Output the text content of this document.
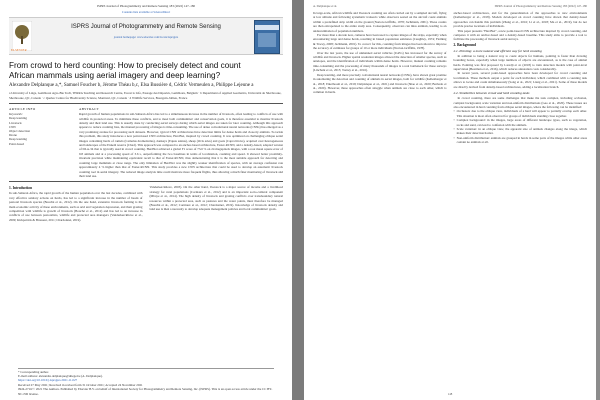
ISPRS Journal of Photogrammetry and Remote Sensing 183 (2022) 147–180
Contents lists available at ScienceDirect
ELSEVIER
ISPRS Journal of Photogrammetry and Remote Sensing
journal homepage: www.elsevier.com/locate/isprsjprs
From crowd to herd counting: How to precisely detect and count African mammals using aerial imagery and deep learning?
Alexandre Delplanque a,*, Samuel Foucher b, Jérome Théau b,c, Elsa Bussière d, Cédric Vermeulen a, Philippe Lejeune a
a University of Liège, Gembloux Agro-Bio Tech, TERRA Teaching and Research Centre, Forest is Life, Passage des Déportés, Gembloux, Belgium · b Department of Applied Geomatics, Université de Sherbrooke, Sherbrooke, QC, Canada · c Quebec Centre for Biodiversity Science, Montréal, QC, Canada · d Wildlife Services, Bourgoin-Jallieu, France
ARTICLE INFO
Keywords:
Deep learning
Livestock
CNN
Object detection
Drone
Deep learning
Point-based
ABSTRACT
Rapid growth of human populations in sub-Saharan Africa has led to a simultaneous increase in the number of livestock, often leading to conflicts of use with wildlife in protected areas. To minimize these conflicts, and to meet both communities' and conservation goals, it is therefore essential to monitor livestock density and their land use. This is usually done by conducting aerial surveys during which aerial images are taken for later counting. Although this approach appears to reduce counting bias, the manual processing of images is time-consuming. The use of dense convolutional neural networks (CNNs) has emerged as a very promising avenue for processing such datasets. However, typical CNN architectures have detection limits for dense herds and close-by animals. To tackle this problem, this study introduces a new point-based CNN architecture, HerdNet, inspired by crowd counting. It was optimized on challenging oblique aerial images containing herds of camels (Camelus dromedarius), donkeys (Equus asinus), sheep (Ovis aries) and goats (Capra hircus), acquired over heterogeneous and landscapes of the Ennedi reserve (Chad). This approach was compared to an anchor-based architecture, Faster-RCNN, and a density-based, adapted version of DLA-34 that is typically used in crowd counting. HerdNet achieved a global F1 score of 73.6 % on 24 megapixels images, with a root mean square error of 9.8 animals and at a processing speed of 3.6 s, outperforming the two baselines in terms of localization, counting and speed. It showed better proximity-invariant precision while maintaining equivalent recall to that of Faster-RCNN, thus demonstrating that it is the most suitable approach for detecting and counting large mammals at close range. The only limitation of HerdNet was the slightly weaker identification of species, with an average confusion rate approximately 4 % higher than that of Faster-RCNN. This study provides a new CNN architecture that could be used to develop an automatic livestock counting tool in aerial imagery. The reduced image analysis time could motivate more frequent flights, thus allowing a much finer monitoring of livestock and their land use.
1. Introduction
In sub-Saharan Africa, the rapid growth of the human population over the last decades, combined with very effective sanitary actions on herds, has led to a significant increase in the number of heads of pastoral livestock species (Bouché et al., 2012). On the one hand, extensive livestock farming is the main economic activity of these environments, such as arid and vegetation depression, and their grazing competition with wildlife is growth of livestock (Bouché et al., 2012) and has led to an increase in conflicts of use between pastoralists, wildlife and protected area managers (Vanderkerckhove et al., 2009; Kirkpatrick & Brasseur, 2011; Chardonnet, 2019).
Vanderkerckhove, 2003). On the other hand, livestock is a major source of income and a livelihood strategy for rural populations (Corniaux et al., 2012) and is an important socio-cultural component (Mbaye et al., 2014). The high density of livestock and grazing conflicts over transboundary natural resources within a protected area, such as pastures and the water points, must therefore be managed (Bouché et al., 2012; Corniaux et al., 2012; Chardonnet, 2019). Knowledge of livestock density and land use is then a necessity to develop adequate management policies and local communities' goals.
* Corresponding author.
E-mail address: alexandre.delplanque@uliege.be (A. Delplanque).
https://doi.org/10.1016/j.isprsjprs.2021.11.027
Received 27 May 2021; Received in revised form 31 October 2021; Accepted 24 November 2021
0924-2716/© 2021 The Authors. Published by Elsevier B.V. on behalf of International Society for Photogrammetry and Remote Sensing, Inc. (ISPRS). This is an open access article under the CC BY-NC-ND license.
A. Delplanque et al.	ISPRS Journal of Photogrammetry and Remote Sensing 183 (2022) 147–180
In large-scale, African wildlife and livestock counting are often carried out by a sampled aircraft, flying at low altitude and following systematic transects while observers seated on the aircraft count animals within a predefined strip width on the ground (Norton-Griffiths, 1978; Jachmann, 2001). These counts are then extrapolated to the entire study area. Consequently, observers can miss animals, leading to an underestimation of population numbers.
For more than a decade now, cameras have been used to capture images of the strips, especially when encountering large and dense herds, resulting in biased population estimates (Caughley, 1974; Fleming & Tracey, 2008; Jachmann, 2001). To correct for this, counting from images has been shown to improve the accuracy of estimates for groups of 10 or more individuals (Norton-Griffiths, 1978).
Over the last years, the use of unmanned aerial vehicles (UAVs) has increased for the survey of wildlife and livestock. Higher spatial resolution images allowed the detection of smaller species, such as antelopes, and the identification of individuals within dense herds. However, manual counting remains time-consuming and the processing of many thousands of images is a real bottleneck for these surveys (Linchant et al., 2015; Torney et al., 2016).
Deep learning, and more precisely convolutional neural networks (CNNs), have shown great promise in automating the detection and counting of animals in aerial images, both for wildlife (Kellenberger et al., 2018; Eikelboom et al., 2019; Delplanque et al., 2021) and livestock (Shao et al., 2020; Barbedo et al., 2020). However, these approaches often struggle when animals are close to each other, which is common in herds.
anchor-based architectures, and for the generalization of the approaches to new environments (Kellenberger et al., 2018). Models developed on crowd counting have shown that density-based approaches can handle this problem (Zhang et al., 2016; Li et al., 2018; Ma et al., 2019), but do not provide precise locations of individuals.
This paper presents "HerdNet", a new point-based CNN architecture inspired by crowd counting, and compares it with an anchor-based and a density-based baseline. This study aims to provide a tool to facilitate the processing of livestock aerial surveys.
2. Background
2.1. Pointing: a more natural and efficient way for herd counting
In addition to being a natural way to count objects for humans, pointing is faster than drawing bounding boxes, especially when large numbers of objects are encountered, as is the case of animal herds. Pointing was first proposed by Laradji et al. (2018) to train detection models with point-level supervision (Bearman et al., 2016), which reduces annotation costs considerably.
In recent years, several point-based approaches have been developed for crowd counting and localization. These methods output a point for each individual, which combined with a counting task allows to locate and count simultaneously (Song et al., 2021; Liang et al., 2021). Some of these models are directly derived from density-based architectures, adding a localization branch.
2.2. Similarities between crowd and herd counting tasks
In crowd counting, there are some challenges that make the task complex, including occlusion, complex background, scale variation and non-uniform distributions (Gao et al., 2020). These issues are also encountered in herd counting from oblique aerial images, where the following can be identified:
• Occlusion: due to the oblique view, individuals of a herd will appear to partially overlap each other. This situation is most often observed for groups of individuals standing close together.
• Complex background: in the images, large areas of different landscape types, such as vegetation, rocks and sand, can lead to confusion with the animals.
• Scale variation: in an oblique view, the apparent size of animals changes along the image, which makes their detection harder.
• Non-uniform distribution: animals are grouped in herds in some parts of the images while other areas contain no animals at all.
148
